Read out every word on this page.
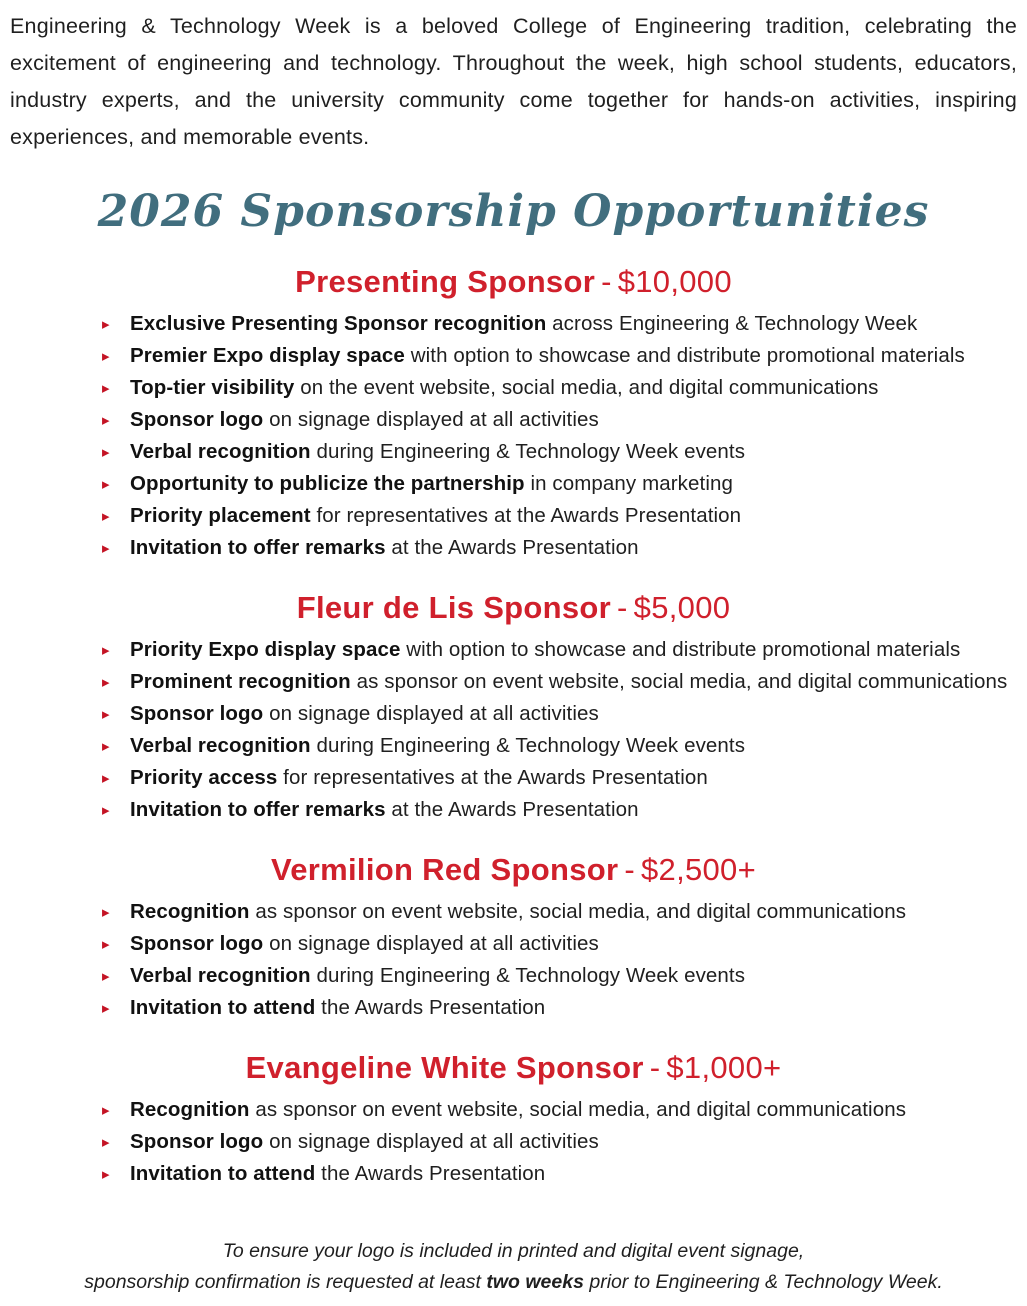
Engineering & Technology Week is a beloved College of Engineering tradition, celebrating the excitement of engineering and technology. Throughout the week, high school students, educators, industry experts, and the university community come together for hands-on activities, inspiring experiences, and memorable events.

2026 Sponsorship Opportunities
Presenting Sponsor - $10,000
▸ Exclusive Presenting Sponsor recognition across Engineering & Technology Week
▸ Premier Expo display space with option to showcase and distribute promotional materials
▸ Top-tier visibility on the event website, social media, and digital communications
▸ Sponsor logo on signage displayed at all activities
▸ Verbal recognition during Engineering & Technology Week events
▸ Opportunity to publicize the partnership in company marketing
▸ Priority placement for representatives at the Awards Presentation
▸ Invitation to offer remarks at the Awards Presentation
Fleur de Lis Sponsor - $5,000
▸ Priority Expo display space with option to showcase and distribute promotional materials
▸ Prominent recognition as sponsor on event website, social media, and digital communications
▸ Sponsor logo on signage displayed at all activities
▸ Verbal recognition during Engineering & Technology Week events
▸ Priority access for representatives at the Awards Presentation
▸ Invitation to offer remarks at the Awards Presentation
Vermilion Red Sponsor - $2,500+
▸ Recognition as sponsor on event website, social media, and digital communications
▸ Sponsor logo on signage displayed at all activities
▸ Verbal recognition during Engineering & Technology Week events
▸ Invitation to attend the Awards Presentation
Evangeline White Sponsor - $1,000+
▸ Recognition as sponsor on event website, social media, and digital communications
▸ Sponsor logo on signage displayed at all activities
▸ Invitation to attend the Awards Presentation

To ensure your logo is included in printed and digital event signage,

sponsorship confirmation is requested at least two weeks prior to Engineering & Technology Week.
